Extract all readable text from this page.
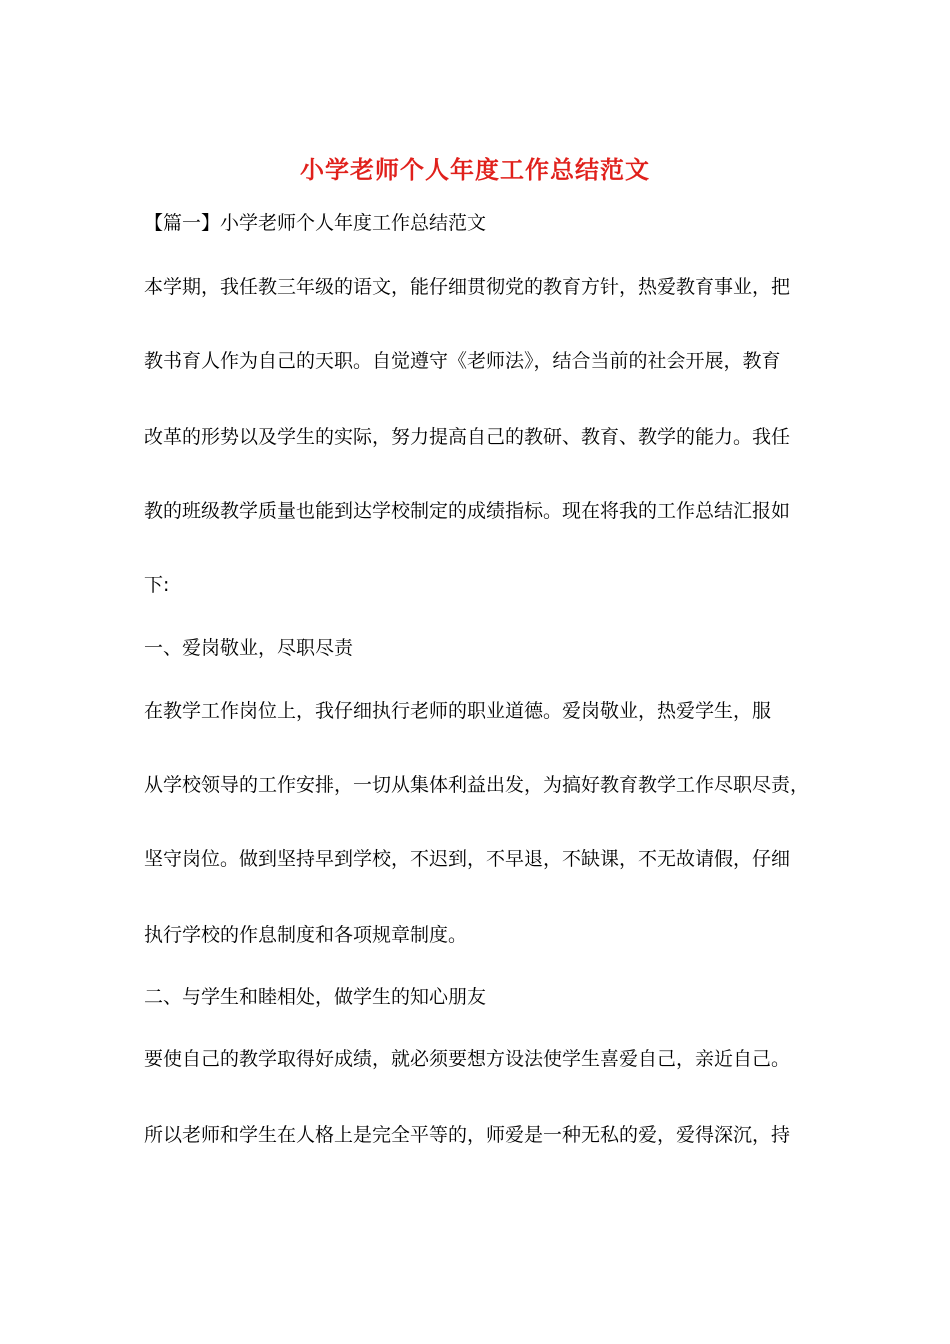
小学老师个人年度工作总结范文
【篇一】小学老师个人年度工作总结范文
本学期，我任教三年级的语文，能仔细贯彻党的教育方针，热爱教育事业，把
教书育人作为自己的天职。自觉遵守《老师法》，结合当前的社会开展，教育
改革的形势以及学生的实际，努力提高自己的教研、教育、教学的能力。我任
教的班级教学质量也能到达学校制定的成绩指标。现在将我的工作总结汇报如
下:
一、爱岗敬业，尽职尽责
在教学工作岗位上，我仔细执行老师的职业道德。爱岗敬业，热爱学生，服
从学校领导的工作安排，一切从集体利益出发，为搞好教育教学工作尽职尽责，
坚守岗位。做到坚持早到学校，不迟到，不早退，不缺课，不无故请假，仔细
执行学校的作息制度和各项规章制度。
二、与学生和睦相处，做学生的知心朋友
要使自己的教学取得好成绩，就必须要想方设法使学生喜爱自己，亲近自己。
所以老师和学生在人格上是完全平等的，师爱是一种无私的爱，爱得深沉，持
